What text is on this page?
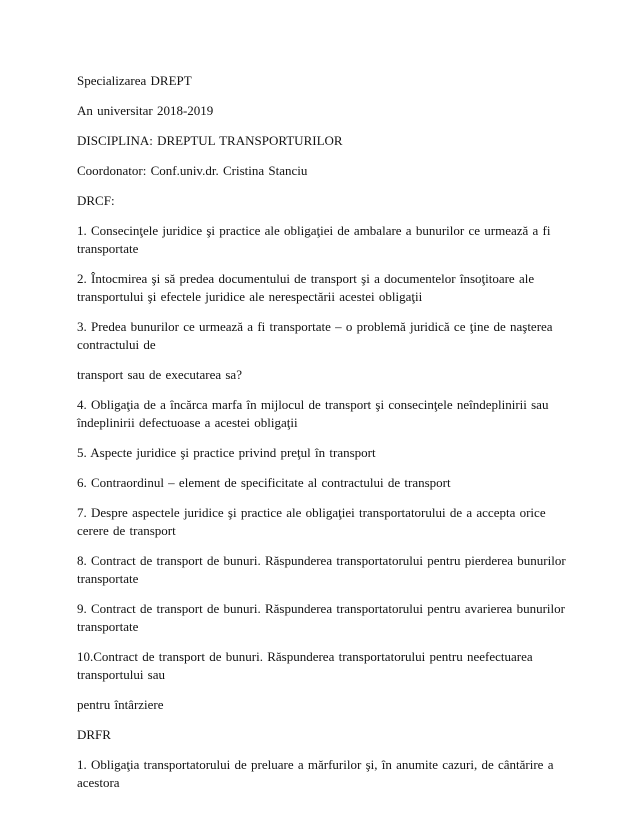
Specializarea DREPT

An universitar 2018-2019

DISCIPLINA: DREPTUL TRANSPORTURILOR

Coordonator: Conf.univ.dr. Cristina Stanciu

DRCF:

1. Consecinţele juridice şi practice ale obligaţiei de ambalare a bunurilor ce urmează a fi transportate

2. Întocmirea şi să predea documentului de transport şi a documentelor însoţitoare ale transportului şi efectele juridice ale nerespectării acestei obligaţii

3. Predea bunurilor ce urmează a fi transportate – o problemă juridică ce ţine de naşterea contractului de

transport sau de executarea sa?

4. Obligaţia de a încărca marfa în mijlocul de transport şi consecinţele neîndeplinirii sau îndeplinirii defectuoase a acestei obligaţii

5. Aspecte juridice şi practice privind preţul în transport

6. Contraordinul – element de specificitate al contractului de transport

7. Despre aspectele juridice şi practice ale obligaţiei transportatorului de a accepta orice cerere de transport

8. Contract de transport de bunuri. Răspunderea transportatorului pentru pierderea bunurilor transportate

9. Contract de transport de bunuri. Răspunderea transportatorului pentru avarierea bunurilor transportate

10.Contract de transport de bunuri. Răspunderea transportatorului pentru neefectuarea transportului sau

pentru întârziere

DRFR

1. Obligaţia transportatorului de preluare a mărfurilor şi, în anumite cazuri, de cântărire a acestora
